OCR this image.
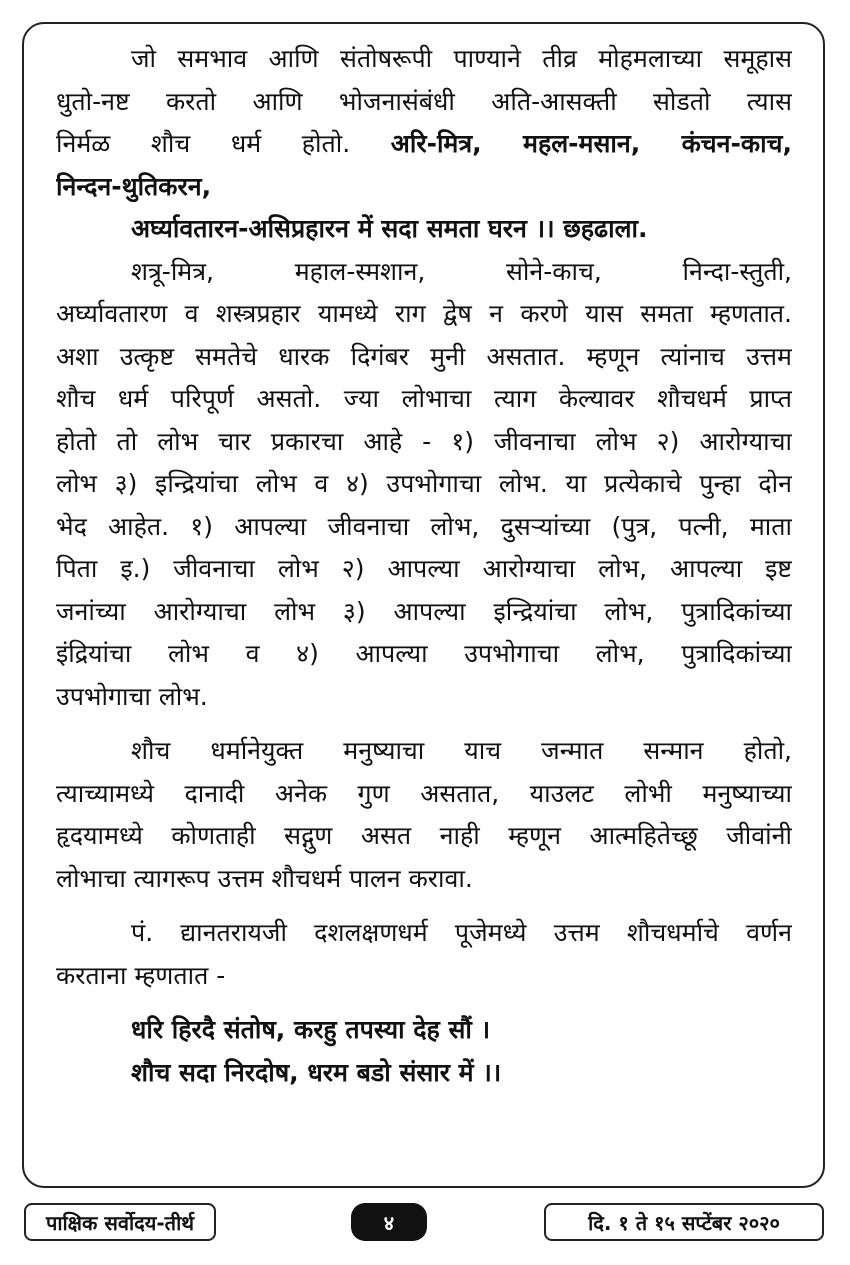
जो समभाव आणि संतोषरूपी पाण्याने तीव्र मोहमलाच्या समूहास
धुतो-नष्ट करतो आणि भोजनासंबंधी अति-आसक्ती सोडतो त्यास
निर्मळ शौच धर्म होतो. अरि-मित्र, महल-मसान, कंचन-काच,
निन्दन-थुतिकरन,
अर्घ्यावतारन-असिप्रहारन में सदा समता घरन ।। छहढाला.
शत्रू-मित्र, महाल-स्मशान, सोने-काच, निन्दा-स्तुती,
अर्घ्यावतारण व शस्त्रप्रहार यामध्ये राग द्वेष न करणे यास समता म्हणतात.
अशा उत्कृष्ट समतेचे धारक दिगंबर मुनी असतात. म्हणून त्यांनाच उत्तम
शौच धर्म परिपूर्ण असतो. ज्या लोभाचा त्याग केल्यावर शौचधर्म प्राप्त
होतो तो लोभ चार प्रकारचा आहे - १) जीवनाचा लोभ २) आरोग्याचा
लोभ ३) इन्द्रियांचा लोभ व ४) उपभोगाचा लोभ. या प्रत्येकाचे पुन्हा दोन
भेद आहेत. १) आपल्या जीवनाचा लोभ, दुसऱ्यांच्या (पुत्र, पत्नी, माता
पिता इ.) जीवनाचा लोभ २) आपल्या आरोग्याचा लोभ, आपल्या इष्ट
जनांच्या आरोग्याचा लोभ ३) आपल्या इन्द्रियांचा लोभ, पुत्रादिकांच्या
इंद्रियांचा लोभ व ४) आपल्या उपभोगाचा लोभ, पुत्रादिकांच्या
उपभोगाचा लोभ.
शौच धर्मानेयुक्त मनुष्याचा याच जन्मात सन्मान होतो,
त्याच्यामध्ये दानादी अनेक गुण असतात, याउलट लोभी मनुष्याच्या
हृदयामध्ये कोणताही सद्गुण असत नाही म्हणून आत्महितेच्छू जीवांनी
लोभाचा त्यागरूप उत्तम शौचधर्म पालन करावा.
पं. द्यानतरायजी दशलक्षणधर्म पूजेमध्ये उत्तम शौचधर्माचे वर्णन
करताना म्हणतात -
धरि हिरदै संतोष, करहु तपस्या देह सौं ।
शौच सदा निरदोष, धरम बडो संसार में ।।
पाक्षिक सर्वोदय-तीर्थ	४	दि. १ ते १५ सप्टेंबर २०२०
